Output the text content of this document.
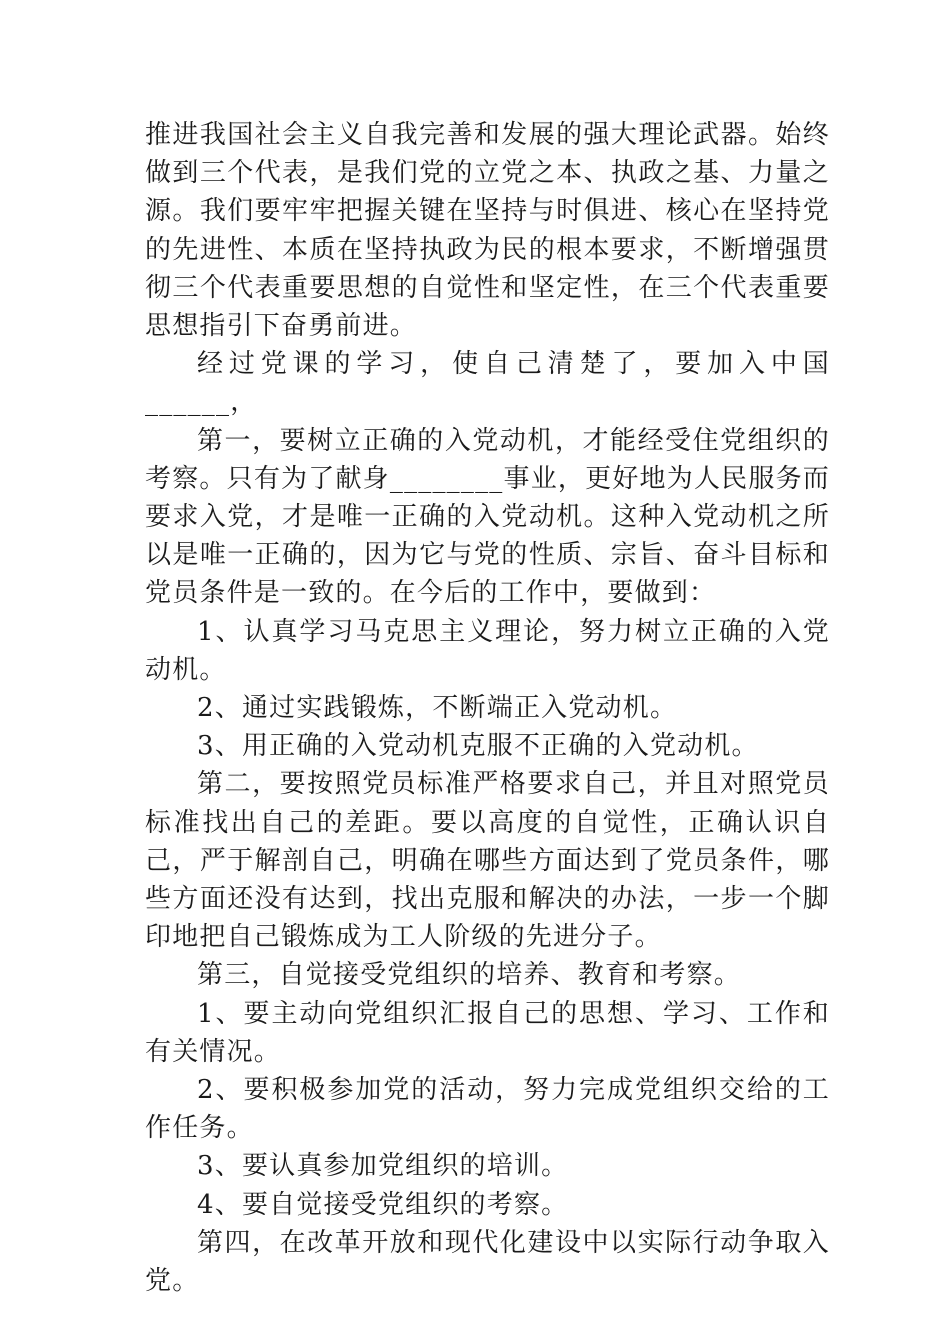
推进我国社会主义自我完善和发展的强大理论武器。始终做到三个代表，是我们党的立党之本、执政之基、力量之源。我们要牢牢把握关键在坚持与时俱进、核心在坚持党的先进性、本质在坚持执政为民的根本要求，不断增强贯彻三个代表重要思想的自觉性和坚定性，在三个代表重要思想指引下奋勇前进。

经过党课的学习，使自己清楚了，要加入中国______，

第一，要树立正确的入党动机，才能经受住党组织的考察。只有为了献身________事业，更好地为人民服务而要求入党，才是唯一正确的入党动机。这种入党动机之所以是唯一正确的，因为它与党的性质、宗旨、奋斗目标和党员条件是一致的。在今后的工作中，要做到：

1、认真学习马克思主义理论，努力树立正确的入党动机。

2、通过实践锻炼，不断端正入党动机。

3、用正确的入党动机克服不正确的入党动机。

第二，要按照党员标准严格要求自己，并且对照党员标准找出自己的差距。要以高度的自觉性，正确认识自己，严于解剖自己，明确在哪些方面达到了党员条件，哪些方面还没有达到，找出克服和解决的办法，一步一个脚印地把自己锻炼成为工人阶级的先进分子。

第三，自觉接受党组织的培养、教育和考察。

1、要主动向党组织汇报自己的思想、学习、工作和有关情况。

2、要积极参加党的活动，努力完成党组织交给的工作任务。

3、要认真参加党组织的培训。

4、要自觉接受党组织的考察。

第四，在改革开放和现代化建设中以实际行动争取入党。
